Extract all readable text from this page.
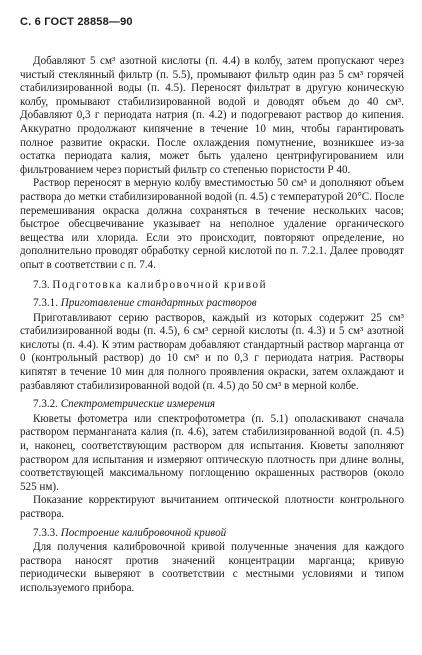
С. 6 ГОСТ 28858—90

Добавляют 5 см³ азотной кислоты (п. 4.4) в колбу, затем пропускают через чистый стеклянный фильтр (п. 5.5), промывают фильтр один раз 5 см³ горячей стабилизированной воды (п. 4.5). Переносят фильтрат в другую коническую колбу, промывают стабилизированной водой и доводят объем до 40 см³. Добавляют 0,3 г периодата натрия (п. 4.2) и подогревают раствор до кипения. Аккуратно продолжают кипячение в течение 10 мин, чтобы гарантировать полное развитие окраски. После охлаждения помутнение, возникшее из-за остатка периодата калия, может быть удалено центрифугированием или фильтрованием через пористый фильтр со степенью пористости Р 40.

Раствор переносят в мерную колбу вместимостью 50 см³ и дополняют объем раствора до метки стабилизированной водой (п. 4.5) с температурой 20°С. После перемешивания окраска должна сохраняться в течение нескольких часов; быстрое обесцвечивание указывает на неполное удаление органического вещества или хлорида. Если это происходит, повторяют определение, но дополнительно проводят обработку серной кислотой по п. 7.2.1. Далее проводят опыт в соответствии с п. 7.4.

7.3. Подготовка калибровочной кривой
7.3.1. Приготавление стандартных растворов

Приготавливают серию растворов, каждый из которых содержит 25 см³ стабилизированной воды (п. 4.5), 6 см³ серной кислоты (п. 4.3) и 5 см³ азотной кислоты (п. 4.4). К этим растворам добавляют стандартный раствор марганца от 0 (контрольный раствор) до 10 см³ и по 0,3 г периодата натрия. Растворы кипятят в течение 10 мин для полного проявления окраски, затем охлаждают и разбавляют стабилизированной водой (п. 4.5) до 50 см³ в мерной колбе.

7.3.2. Спектрометрические измерения

Кюветы фотометра или спектрофотометра (п. 5.1) ополаскивают сначала раствором перманганата калия (п. 4.6), затем стабилизированной водой (п. 4.5) и, наконец, соответствующим раствором для испытания. Кюветы заполняют раствором для испытания и измеряют оптическую плотность при длине волны, соответствующей максимальному поглощению окрашенных растворов (около 525 нм).

Показание корректируют вычитанием оптической плотности контрольного раствора.

7.3.3. Построение калибровочной кривой

Для получения калибровочной кривой полученные значения для каждого раствора наносят против значений концентрации марганца; кривую периодически выверяют в соответствии с местными условиями и типом используемого прибора.
